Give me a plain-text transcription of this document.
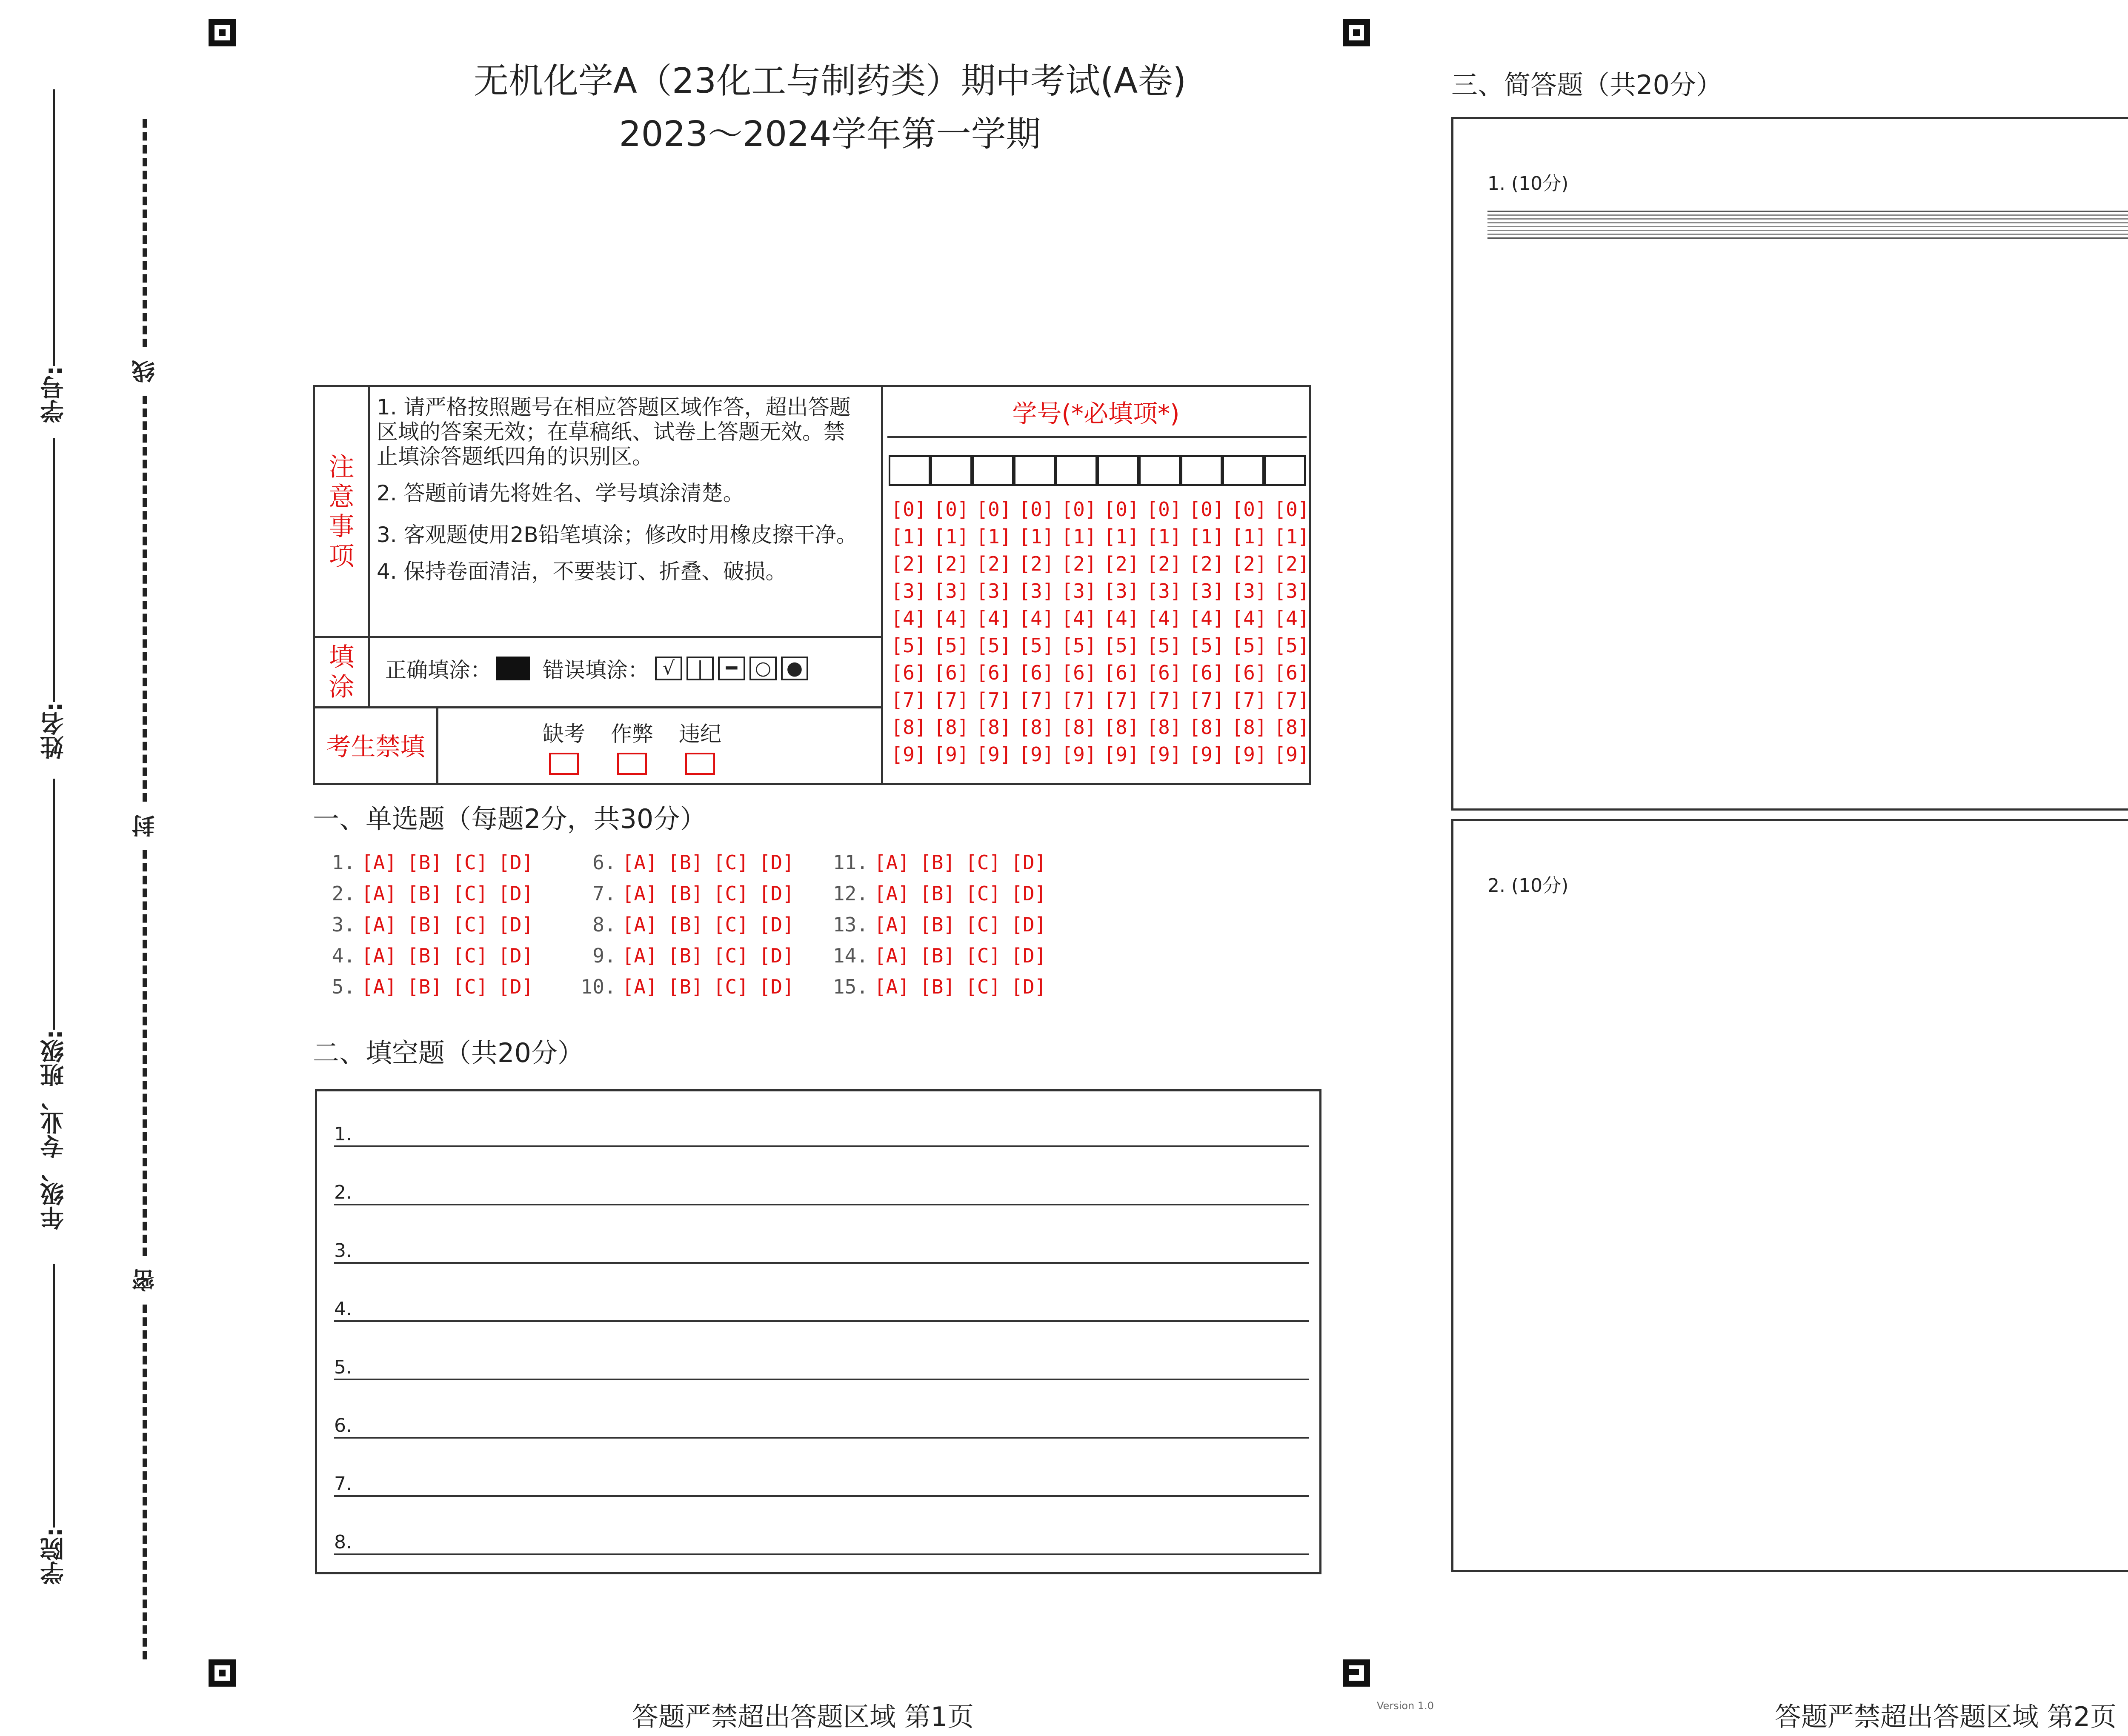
学号:
姓名:
年级、专业、班级:
学院:
线
封
密
无机化学A（23化工与制药类）期中考试(A卷)
2023～2024学年第一学期
注意事项
1. 请严格按照题号在相应答题区域作答，超出答题区域的答案无效；在草稿纸、试卷上答题无效。禁止填涂答题纸四角的识别区。
2. 答题前请先将姓名、学号填涂清楚。
3. 客观题使用2B铅笔填涂；修改时用橡皮擦干净。
4. 保持卷面清洁，不要装订、折叠、破损。
填涂
正确填涂： 错误填涂： √	|	━ ○ ●
考生禁填	缺考 作弊 违纪
学号(*必填项*)
[0] [0] [0] [0] [0] [0] [0] [0] [0] [0]
[1] [1] [1] [1] [1] [1] [1] [1] [1] [1]
[2] [2] [2] [2] [2] [2] [2] [2] [2] [2]
[3] [3] [3] [3] [3] [3] [3] [3] [3] [3]
[4] [4] [4] [4] [4] [4] [4] [4] [4] [4]
[5] [5] [5] [5] [5] [5] [5] [5] [5] [5]
[6] [6] [6] [6] [6] [6] [6] [6] [6] [6]
[7] [7] [7] [7] [7] [7] [7] [7] [7] [7]
[8] [8] [8] [8] [8] [8] [8] [8] [8] [8]
[9] [9] [9] [9] [9] [9] [9] [9] [9] [9]
一、单选题（每题2分，共30分）
1. [A] [B] [C] [D]
2. [A] [B] [C] [D]
3. [A] [B] [C] [D]
4. [A] [B] [C] [D]
5. [A] [B] [C] [D]
6. [A] [B] [C] [D]
7. [A] [B] [C] [D]
8. [A] [B] [C] [D]
9. [A] [B] [C] [D]
10. [A] [B] [C] [D]
11. [A] [B] [C] [D]
12. [A] [B] [C] [D]
13. [A] [B] [C] [D]
14. [A] [B] [C] [D]
15. [A] [B] [C] [D]
二、填空题（共20分）
1.
2.
3.
4.
5.
6.
7.
8.
三、简答题（共20分）
1. (10分)
2. (10分)
答题严禁超出答题区域 第1页	答题严禁超出答题区域 第2页
Version 1.0
